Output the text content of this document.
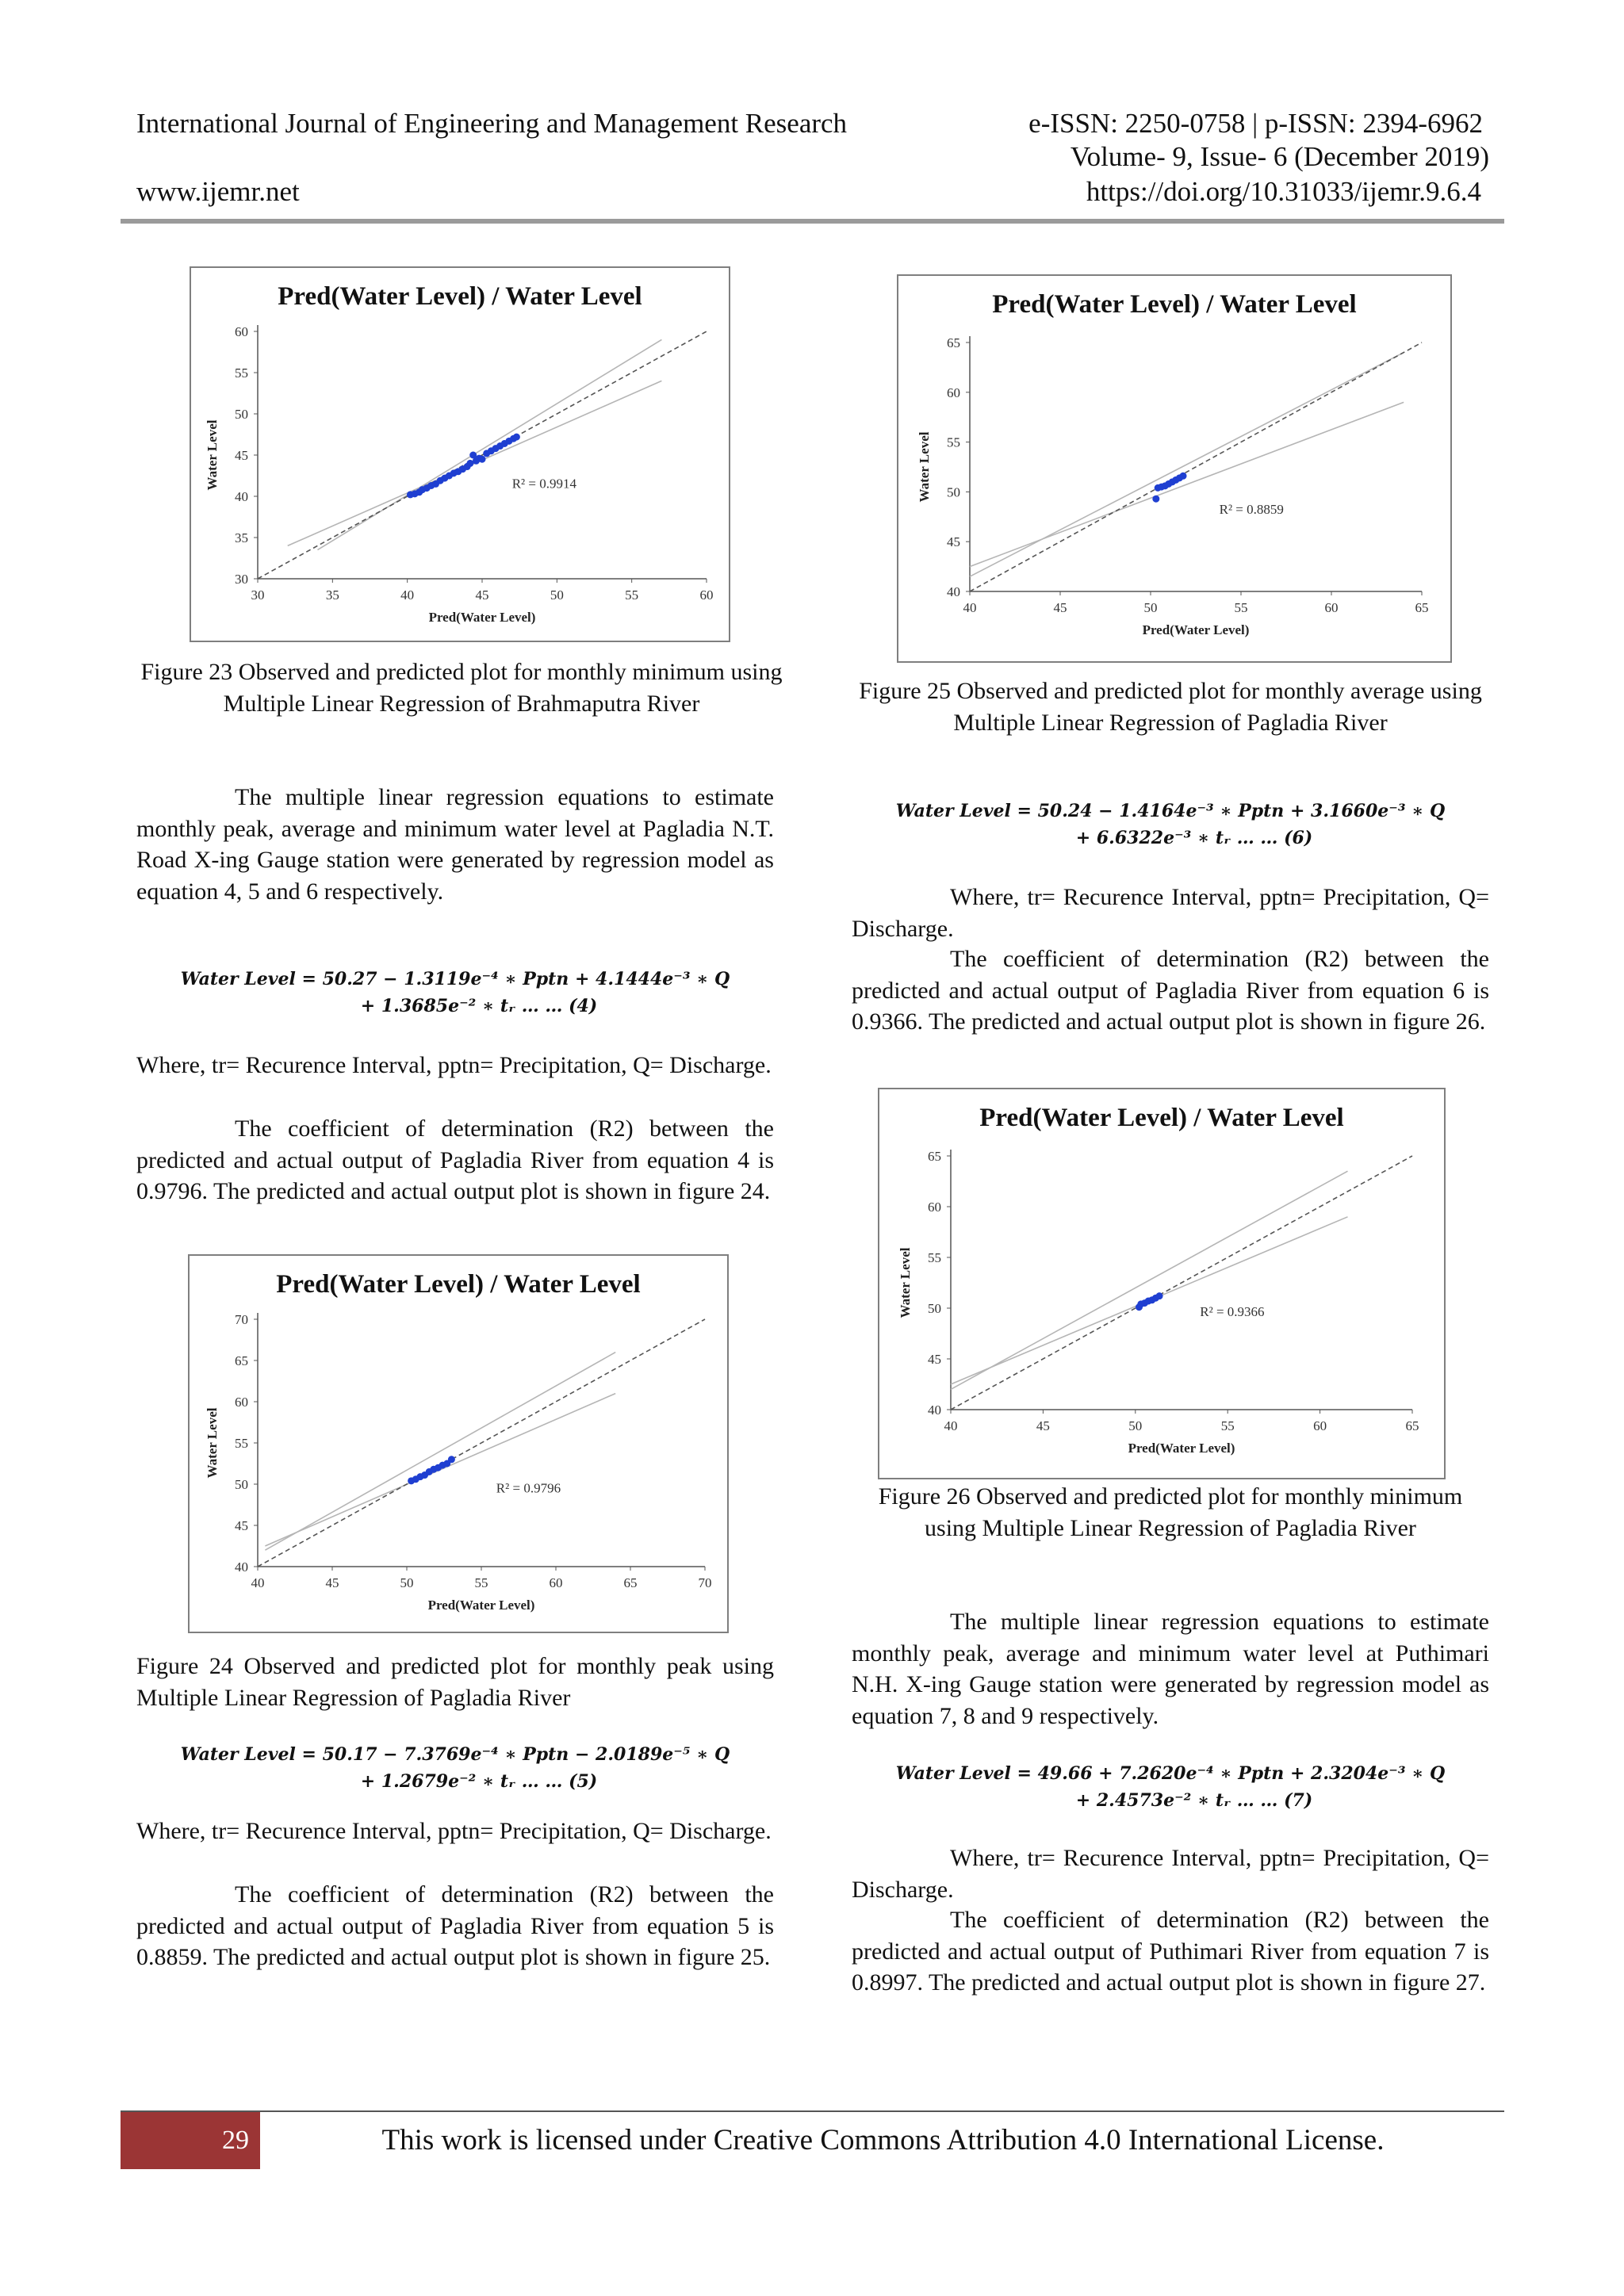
International Journal of Engineering and Management Research	e-ISSN: 2250-0758 | p-ISSN: 2394-6962
Volume- 9, Issue- 6 (December 2019)
www.ijemr.net	https://doi.org/10.31033/ijemr.9.6.4
Pred(Water Level) / Water Level
30	35	40	45	50	55	60
30
35
40
45
50
55
60
Pred(Water Level)
Water Level	R² = 0.9914
Figure 23 Observed and predicted plot for monthly minimum using Multiple Linear Regression of Brahmaputra River

The multiple linear regression equations to estimate monthly peak, average and minimum water level at Pagladia N.T. Road X-ing Gauge station were generated by regression model as equation 4, 5 and 6 respectively.

Water Level = 50.27 − 1.3119e⁻⁴ ∗ Pptn + 4.1444e⁻³ ∗ Q
+ 1.3685e⁻² ∗ tᵣ … … (4)

Where, tr= Recurence Interval, pptn= Precipitation, Q= Discharge.

The coefficient of determination (R2) between the predicted and actual output of Pagladia River from equation 4 is 0.9796. The predicted and actual output plot is shown in figure 24.

Pred(Water Level) / Water Level
40	45	50	55	60	65	70
40
45
50
55
60
65
70
Pred(Water Level)
Water Level
R² = 0.9796
Figure 24 Observed and predicted plot for monthly peak using Multiple Linear Regression of Pagladia River
Water Level = 50.17 − 7.3769e⁻⁴ ∗ Pptn − 2.0189e⁻⁵ ∗ Q
+ 1.2679e⁻² ∗ tᵣ … … (5)

Where, tr= Recurence Interval, pptn= Precipitation, Q= Discharge.

The coefficient of determination (R2) between the predicted and actual output of Pagladia River from equation 5 is 0.8859. The predicted and actual output plot is shown in figure 25.

Pred(Water Level) / Water Level
40	45	50	55	60	65
40
45
50
55
60
65
Pred(Water Level)
Water Level
R² = 0.8859
Figure 25 Observed and predicted plot for monthly average using Multiple Linear Regression of Pagladia River
Water Level = 50.24 − 1.4164e⁻³ ∗ Pptn + 3.1660e⁻³ ∗ Q
+ 6.6322e⁻³ ∗ tᵣ … … (6)

Where, tr= Recurence Interval, pptn= Precipitation, Q= Discharge.

The coefficient of determination (R2) between the predicted and actual output of Pagladia River from equation 6 is 0.9366. The predicted and actual output plot is shown in figure 26.

Pred(Water Level) / Water Level
40	45	50	55	60	65
40
45
50
55
60
65
Pred(Water Level)
Water Level	R² = 0.9366
Figure 26 Observed and predicted plot for monthly minimum using Multiple Linear Regression of Pagladia River

The multiple linear regression equations to estimate monthly peak, average and minimum water level at Puthimari N.H. X-ing Gauge station were generated by regression model as equation 7, 8 and 9 respectively.

Water Level = 49.66 + 7.2620e⁻⁴ ∗ Pptn + 2.3204e⁻³ ∗ Q
+ 2.4573e⁻² ∗ tᵣ … … (7)

Where, tr= Recurence Interval, pptn= Precipitation, Q= Discharge.

The coefficient of determination (R2) between the predicted and actual output of Puthimari River from equation 7 is 0.8997. The predicted and actual output plot is shown in figure 27.

29	This work is licensed under Creative Commons Attribution 4.0 International License.
